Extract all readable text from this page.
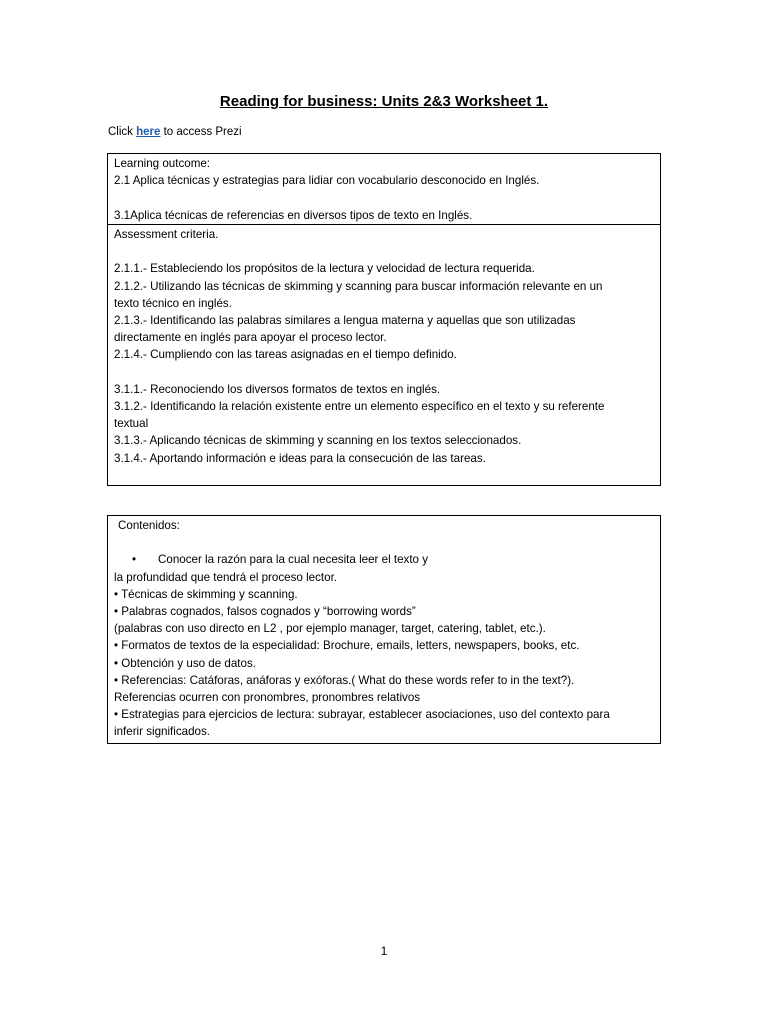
Reading for business: Units 2&3 Worksheet 1.
Click here to access Prezi
Learning outcome:
2.1 Aplica técnicas y estrategias para lidiar con vocabulario desconocido en Inglés.
3.1Aplica técnicas de referencias en diversos tipos de texto en Inglés.
Assessment criteria.
2.1.1.- Estableciendo los propósitos de la lectura y velocidad de lectura requerida.
2.1.2.- Utilizando las técnicas de skimming y scanning para buscar información relevante en un
texto técnico en inglés.
2.1.3.- Identificando las palabras similares a lengua materna y aquellas que son utilizadas
directamente en inglés para apoyar el proceso lector.
2.1.4.- Cumpliendo con las tareas asignadas en el tiempo definido.
3.1.1.- Reconociendo los diversos formatos de textos en inglés.
3.1.2.- Identificando la relación existente entre un elemento específico en el texto y su referente
textual
3.1.3.- Aplicando técnicas de skimming y scanning en los textos seleccionados.
3.1.4.- Aportando información e ideas para la consecución de las tareas.
Contenidos:
• Conocer la razón para la cual necesita leer el texto y
la profundidad que tendrá el proceso lector.
• Técnicas de skimming y scanning.
• Palabras cognados, falsos cognados y “borrowing words”
(palabras con uso directo en L2 , por ejemplo manager, target, catering, tablet, etc.).
• Formatos de textos de la especialidad: Brochure, emails, letters, newspapers, books, etc.
• Obtención y uso de datos.
• Referencias: Catáforas, anáforas y exóforas.( What do these words refer to in the text?).
Referencias ocurren con pronombres, pronombres relativos
• Estrategias para ejercicios de lectura: subrayar, establecer asociaciones, uso del contexto para
inferir significados.
1
